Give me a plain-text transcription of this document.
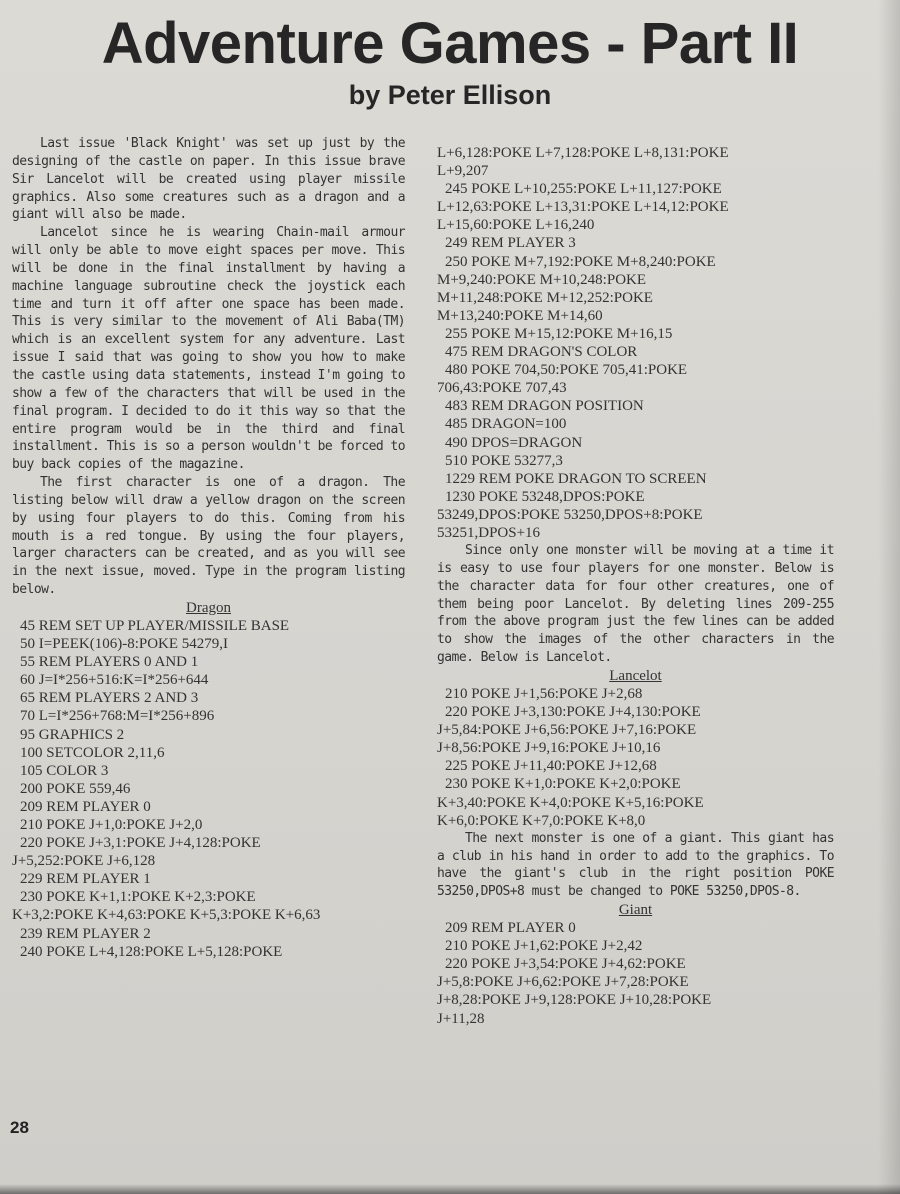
Adventure Games - Part II
by Peter Ellison

Last issue 'Black Knight' was set up just by the designing of the castle on paper. In this issue brave Sir Lancelot will be created using player missile graphics. Also some creatures such as a dragon and a giant will also be made.

Lancelot since he is wearing Chain-mail armour will only be able to move eight spaces per move. This will be done in the final installment by having a machine language subroutine check the joystick each time and turn it off after one space has been made. This is very similar to the movement of Ali Baba(TM) which is an excellent system for any adventure. Last issue I said that was going to show you how to make the castle using data statements, instead I'm going to show a few of the characters that will be used in the final program. I decided to do it this way so that the entire program would be in the third and final installment. This is so a person wouldn't be forced to buy back copies of the magazine.

The first character is one of a dragon. The listing below will draw a yellow dragon on the screen by using four players to do this. Coming from his mouth is a red tongue. By using the four players, larger characters can be created, and as you will see in the next issue, moved. Type in the program listing below.

Dragon
45 REM SET UP PLAYER/MISSILE BASE
50 I=PEEK(106)-8:POKE 54279,I
55 REM PLAYERS 0 AND 1
60 J=I*256+516:K=I*256+644
65 REM PLAYERS 2 AND 3
70 L=I*256+768:M=I*256+896
95 GRAPHICS 2
100 SETCOLOR 2,11,6
105 COLOR 3
200 POKE 559,46
209 REM PLAYER 0
210 POKE J+1,0:POKE J+2,0
220 POKE J+3,1:POKE J+4,128:POKE
J+5,252:POKE J+6,128
229 REM PLAYER 1
230 POKE K+1,1:POKE K+2,3:POKE
K+3,2:POKE K+4,63:POKE K+5,3:POKE K+6,63
239 REM PLAYER 2
240 POKE L+4,128:POKE L+5,128:POKE
L+6,128:POKE L+7,128:POKE L+8,131:POKE
L+9,207
245 POKE L+10,255:POKE L+11,127:POKE
L+12,63:POKE L+13,31:POKE L+14,12:POKE
L+15,60:POKE L+16,240
249 REM PLAYER 3
250 POKE M+7,192:POKE M+8,240:POKE
M+9,240:POKE M+10,248:POKE
M+11,248:POKE M+12,252:POKE
M+13,240:POKE M+14,60
255 POKE M+15,12:POKE M+16,15
475 REM DRAGON'S COLOR
480 POKE 704,50:POKE 705,41:POKE
706,43:POKE 707,43
483 REM DRAGON POSITION
485 DRAGON=100
490 DPOS=DRAGON
510 POKE 53277,3
1229 REM POKE DRAGON TO SCREEN
1230 POKE 53248,DPOS:POKE
53249,DPOS:POKE 53250,DPOS+8:POKE
53251,DPOS+16

Since only one monster will be moving at a time it is easy to use four players for one monster. Below is the character data for four other creatures, one of them being poor Lancelot. By deleting lines 209-255 from the above program just the few lines can be added to show the images of the other characters in the game. Below is Lancelot.

Lancelot
210 POKE J+1,56:POKE J+2,68
220 POKE J+3,130:POKE J+4,130:POKE
J+5,84:POKE J+6,56:POKE J+7,16:POKE
J+8,56:POKE J+9,16:POKE J+10,16
225 POKE J+11,40:POKE J+12,68
230 POKE K+1,0:POKE K+2,0:POKE
K+3,40:POKE K+4,0:POKE K+5,16:POKE
K+6,0:POKE K+7,0:POKE K+8,0

The next monster is one of a giant. This giant has a club in his hand in order to add to the graphics. To have the giant's club in the right position POKE 53250,DPOS+8 must be changed to POKE 53250,DPOS-8.

Giant
209 REM PLAYER 0
210 POKE J+1,62:POKE J+2,42
220 POKE J+3,54:POKE J+4,62:POKE
J+5,8:POKE J+6,62:POKE J+7,28:POKE
J+8,28:POKE J+9,128:POKE J+10,28:POKE
J+11,28
28
